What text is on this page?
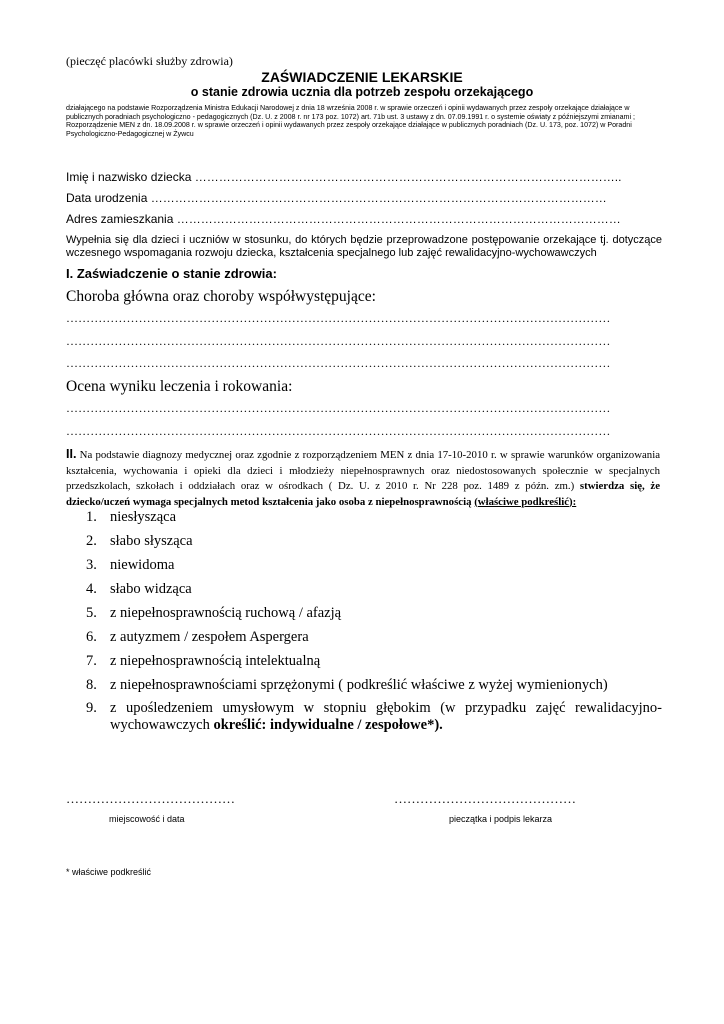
(pieczęć placówki służby zdrowia)
ZAŚWIADCZENIE LEKARSKIE
o stanie zdrowia ucznia dla potrzeb zespołu orzekającego
działającego na podstawie Rozporządzenia Ministra Edukacji Narodowej z dnia 18 września 2008 r. w sprawie orzeczeń i opinii wydawanych przez zespoły orzekające działające w publicznych poradniach psychologiczno - pedagogicznych (Dz. U. z 2008 r. nr 173 poz. 1072) art. 71b ust. 3 ustawy z dn. 07.09.1991 r. o systemie oświaty z późniejszymi zmianami ; Rozporządzenie MEN z dn. 18.09.2008 r. w sprawie orzeczeń i opinii wydawanych przez zespoły orzekające działające w publicznych poradniach (Dz. U. 173, poz. 1072) w Poradni Psychologiczno-Pedagogicznej w Żywcu
Imię i nazwisko dziecka ……………………………………………………………………………………………..
Data urodzenia ……………………………………………………………………………………………………
Adres zamieszkania …………………………………………………………………………………………………
Wypełnia się dla dzieci i uczniów w stosunku, do których będzie przeprowadzone postępowanie orzekające tj. dotyczące wczesnego wspomagania rozwoju dziecka, kształcenia specjalnego lub zajęć rewalidacyjno-wychowawczych
I. Zaświadczenie o stanie zdrowia:
Choroba główna oraz choroby współwystępujące:
………………………………………………………………………………………………………………………
………………………………………………………………………………………………………………………
………………………………………………………………………………………………………………………
Ocena wyniku leczenia i rokowania:
………………………………………………………………………………………………………………………
………………………………………………………………………………………………………………………
II. Na podstawie diagnozy medycznej oraz zgodnie z rozporządzeniem MEN z dnia 17-10-2010 r. w sprawie warunków organizowania kształcenia, wychowania i opieki dla dzieci i młodzieży niepełnosprawnych oraz niedostosowanych społecznie w specjalnych przedszkolach, szkołach i oddziałach oraz w ośrodkach ( Dz. U. z 2010 r. Nr 228 poz. 1489 z późn. zm.) stwierdza się, że dziecko/uczeń wymaga specjalnych metod kształcenia jako osoba z niepełnosprawnością (właściwe podkreślić):
1. niesłysząca
2. słabo słysząca
3. niewidoma
4. słabo widząca
5. z niepełnosprawnością ruchową / afazją
6. z autyzmem / zespołem Aspergera
7. z niepełnosprawnością intelektualną
8. z niepełnosprawnościami sprzężonymi ( podkreślić właściwe z wyżej wymienionych)
9. z upośledzeniem umysłowym w stopniu głębokim (w przypadku zajęć rewalidacyjno-wychowawczych określić: indywidualne / zespołowe*).
…………………………………	……………………………………
miejscowość i data	pieczątka i podpis lekarza
* właściwe podkreślić
